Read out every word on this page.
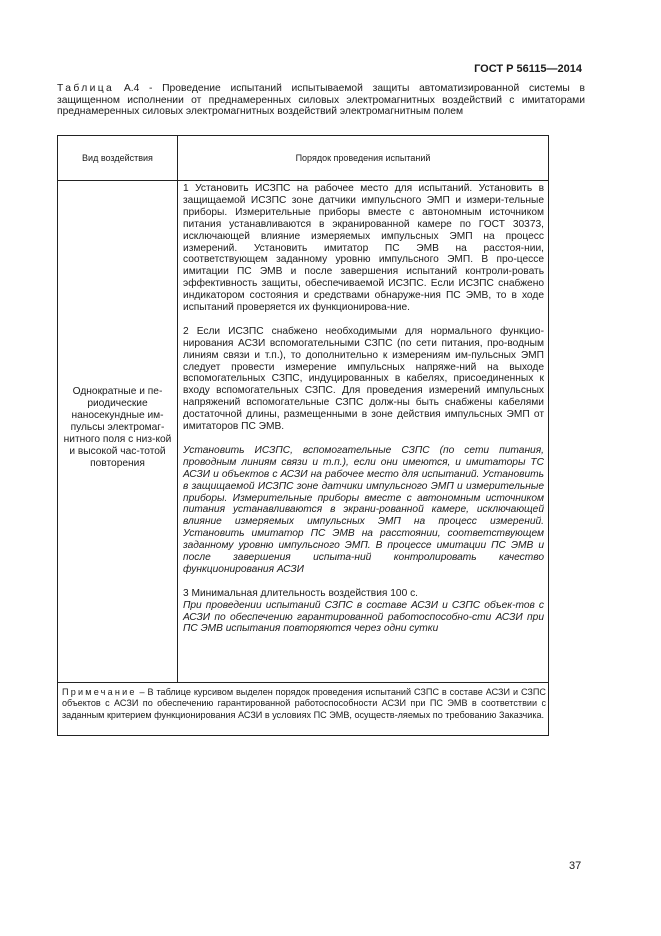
ГОСТ Р 56115—2014
Таблица А.4 - Проведение испытаний испытываемой защиты автоматизированной системы в защищенном исполнении от преднамеренных силовых электромагнитных воздействий с имитаторами преднамеренных силовых электромагнитных воздействий электромагнитным полем
Вид воздействия	Порядок проведения испытаний
Однократные и пе-риодические наносекундные им-пульсы электромаг-нитного поля с низ-кой и высокой час-тотой повторения

1 Установить ИСЗПС на рабочее место для испытаний. Установить в защищаемой ИСЗПС зоне датчики импульсного ЭМП и измери-тельные приборы. Измерительные приборы вместе с автономным источником питания устанавливаются в экранированной камере по ГОСТ 30373, исключающей влияние измеряемых импульсных ЭМП на процесс измерений. Установить имитатор ПС ЭМВ на расстоя-нии, соответствующем заданному уровню импульсного ЭМП. В про-цессе имитации ПС ЭМВ и после завершения испытаний контроли-ровать эффективность защиты, обеспечиваемой ИСЗПС. Если ИСЗПС снабжено индикатором состояния и средствами обнаруже-ния ПС ЭМВ, то в ходе испытаний проверяется их функционирова-ние.

2 Если ИСЗПС снабжено необходимыми для нормального функцио-нирования АСЗИ вспомогательными СЗПС (по сети питания, про-водным линиям связи и т.п.), то дополнительно к измерениям им-пульсных ЭМП следует провести измерение импульсных напряже-ний на выходе вспомогательных СЗПС, индуцированных в кабелях, присоединенных к входу вспомогательных СЗПС. Для проведения измерений импульсных напряжений вспомогательные СЗПС долж-ны быть снабжены кабелями достаточной длины, размещенными в зоне действия импульсных ЭМП от имитаторов ПС ЭМВ.

Установить ИСЗПС, вспомогательные СЗПС (по сети питания, проводным линиям связи и т.п.), если они имеются, и имитаторы ТС АСЗИ и объектов с АСЗИ на рабочее место для испытаний. Установить в защищаемой ИСЗПС зоне датчики импульсного ЭМП и измерительные приборы. Измерительные приборы вместе с автономным источником питания устанавливаются в экрани-рованной камере, исключающей влияние измеряемых импульсных ЭМП на процесс измерений. Установить имитатор ПС ЭМВ на расстоянии, соответствующем заданному уровню импульсного ЭМП. В процессе имитации ПС ЭМВ и после завершения испыта-ний контролировать качество функционирования АСЗИ

3 Минимальная длительность воздействия 100 с.

При проведении испытаний СЗПС в составе АСЗИ и СЗПС объек-тов с АСЗИ по обеспечению гарантированной работоспособно-сти АСЗИ при ПС ЭМВ испытания повторяются через одни сутки

Примечание – В таблице курсивом выделен порядок проведения испытаний СЗПС в составе АСЗИ и СЗПС объектов с АСЗИ по обеспечению гарантированной работоспособности АСЗИ при ПС ЭМВ в соответствии с заданным критерием функционирования АСЗИ в условиях ПС ЭМВ, осуществ-ляемых по требованию Заказчика.
37
